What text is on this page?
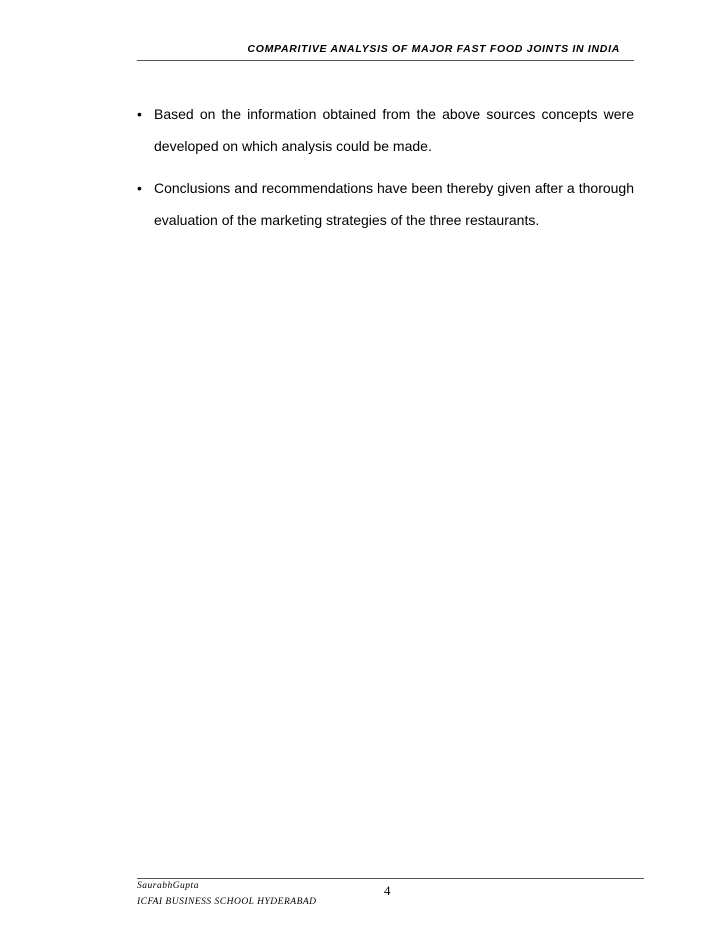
COMPARITIVE ANALYSIS OF MAJOR FAST FOOD JOINTS IN INDIA
• Based on the information obtained from the above sources concepts were developed on which analysis could be made.
• Conclusions and recommendations have been thereby given after a thorough evaluation of the marketing strategies of the three restaurants.
SaurabhGupta	4
ICFAI BUSINESS SCHOOL HYDERABAD
